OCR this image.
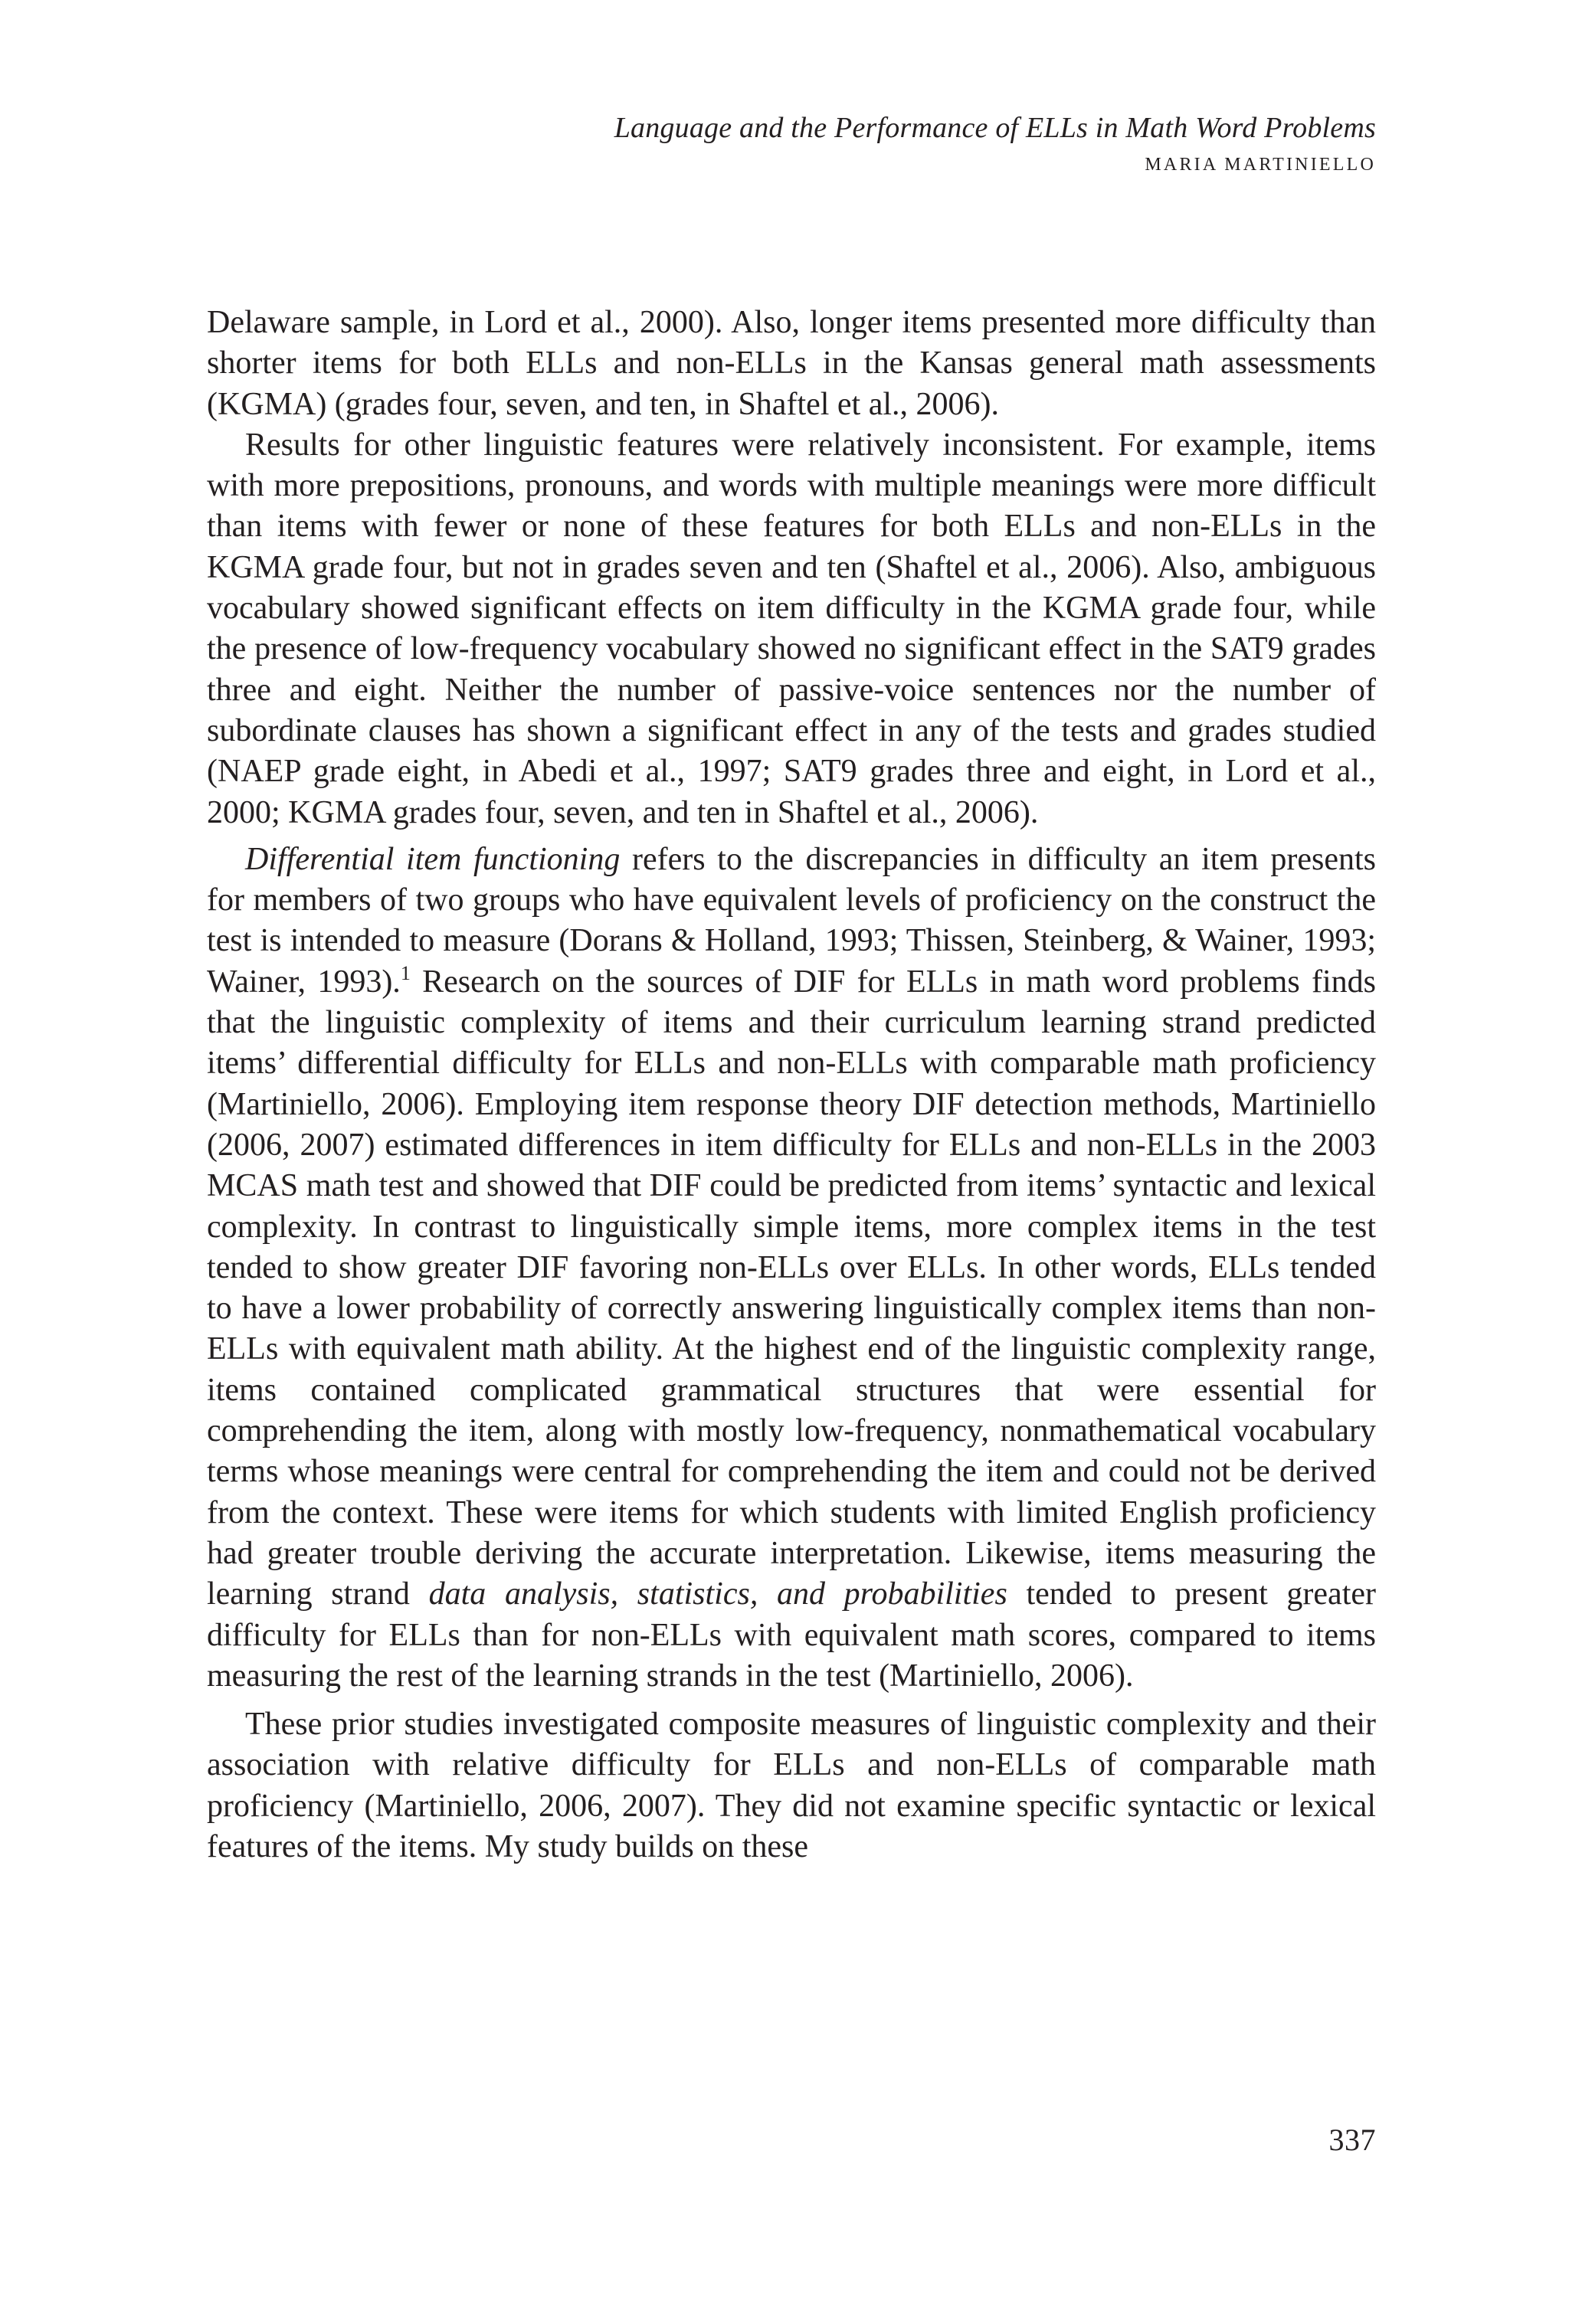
Language and the Performance of ELLs in Math Word Problems
MARIA MARTINIELLO

Delaware sample, in Lord et al., 2000). Also, longer items presented more difficulty than shorter items for both ELLs and non-ELLs in the Kansas general math assessments (KGMA) (grades four, seven, and ten, in Shaftel et al., 2006).

Results for other linguistic features were relatively inconsistent. For example, items with more prepositions, pronouns, and words with multiple meanings were more difficult than items with fewer or none of these features for both ELLs and non-ELLs in the KGMA grade four, but not in grades seven and ten (Shaftel et al., 2006). Also, ambiguous vocabulary showed significant effects on item difficulty in the KGMA grade four, while the presence of low-frequency vocabulary showed no significant effect in the SAT9 grades three and eight. Neither the number of passive-voice sentences nor the number of subordinate clauses has shown a significant effect in any of the tests and grades studied (NAEP grade eight, in Abedi et al., 1997; SAT9 grades three and eight, in Lord et al., 2000; KGMA grades four, seven, and ten in Shaftel et al., 2006).

Differential item functioning refers to the discrepancies in difficulty an item presents for members of two groups who have equivalent levels of proficiency on the construct the test is intended to measure (Dorans & Holland, 1993; Thissen, Steinberg, & Wainer, 1993; Wainer, 1993).$^1$ Research on the sources of DIF for ELLs in math word problems finds that the linguistic complexity of items and their curriculum learning strand predicted items’ differential difficulty for ELLs and non-ELLs with comparable math proficiency (Martiniello, 2006). Employing item response theory DIF detection methods, Martiniello (2006, 2007) estimated differences in item difficulty for ELLs and non-ELLs in the 2003 MCAS math test and showed that DIF could be predicted from items’ syntactic and lexical complexity. In contrast to linguistically simple items, more complex items in the test tended to show greater DIF favoring non-ELLs over ELLs. In other words, ELLs tended to have a lower probability of correctly answering linguistically complex items than non-ELLs with equivalent math ability. At the highest end of the linguistic complexity range, items contained complicated grammatical structures that were essential for comprehending the item, along with mostly low-frequency, nonmathematical vocabulary terms whose meanings were central for comprehending the item and could not be derived from the context. These were items for which students with limited English proficiency had greater trouble deriving the accurate interpretation. Likewise, items measuring the learning strand data analysis, statistics, and probabilities tended to present greater difficulty for ELLs than for non-ELLs with equivalent math scores, compared to items measuring the rest of the learning strands in the test (Martiniello, 2006).

These prior studies investigated composite measures of linguistic complexity and their association with relative difficulty for ELLs and non-ELLs of comparable math proficiency (Martiniello, 2006, 2007). They did not examine specific syntactic or lexical features of the items. My study builds on these

337
